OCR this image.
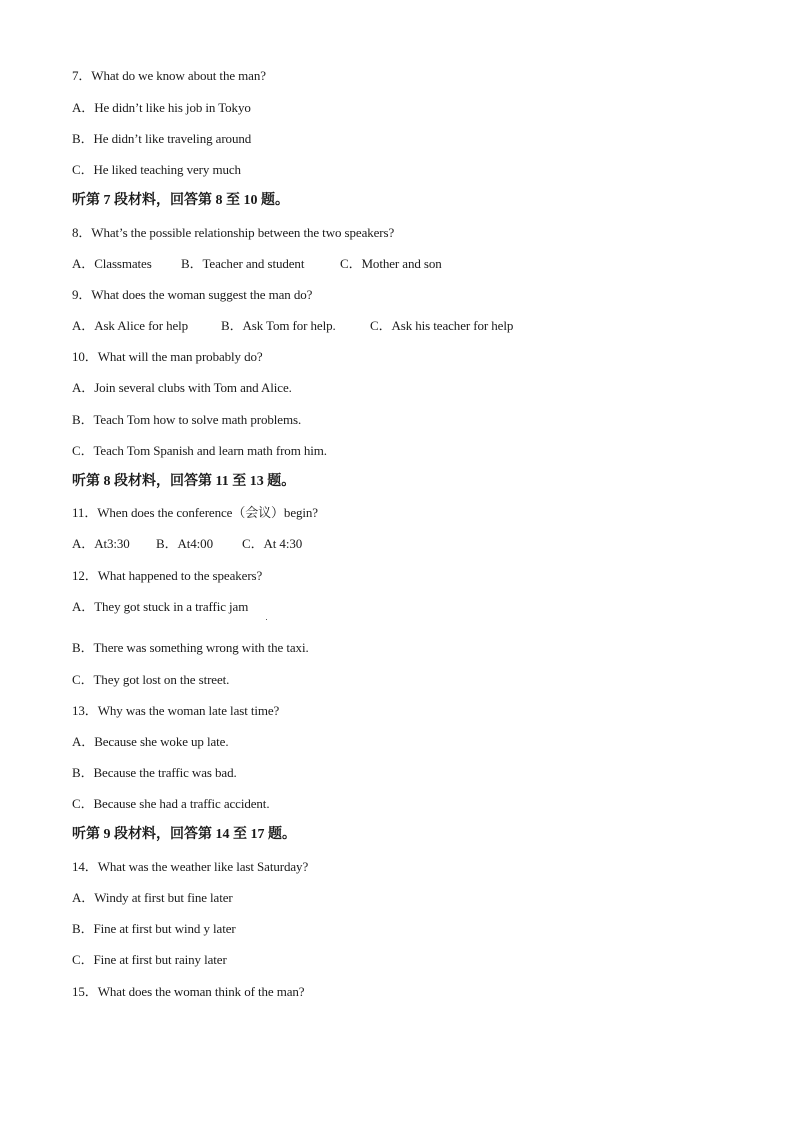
7．What do we know about the man?
A．He didn’t like his job in Tokyo
B．He didn’t like traveling around
C．He liked teaching very much
听第 7 段材料，回答第 8 至 10 题。
8．What’s the possible relationship between the two speakers?
A．Classmates B．Teacher and student	C．Mother and son
9．What does the woman suggest the man do?
A．Ask Alice for help	B．Ask Tom for help.	C．Ask his teacher for help
10．What will the man probably do?
A．Join several clubs with Tom and Alice.
B．Teach Tom how to solve math problems.
C．Teach Tom Spanish and learn math from him.
听第 8 段材料，回答第 11 至 13 题。
11．When does the conference（会议）begin?
A．At3:30 B．At4:00 C．At 4:30
12．What happened to the speakers?
A．They got stuck in a traffic jam
B．There was something wrong with the taxi.
C．They got lost on the street.
13．Why was the woman late last time?
A．Because she woke up late.
B．Because the traffic was bad.
C．Because she had a traffic accident.
听第 9 段材料，回答第 14 至 17 题。
14．What was the weather like last Saturday?
A．Windy at first but fine later
B．Fine at first but wind y later
C．Fine at first but rainy later
15．What does the woman think of the man?
